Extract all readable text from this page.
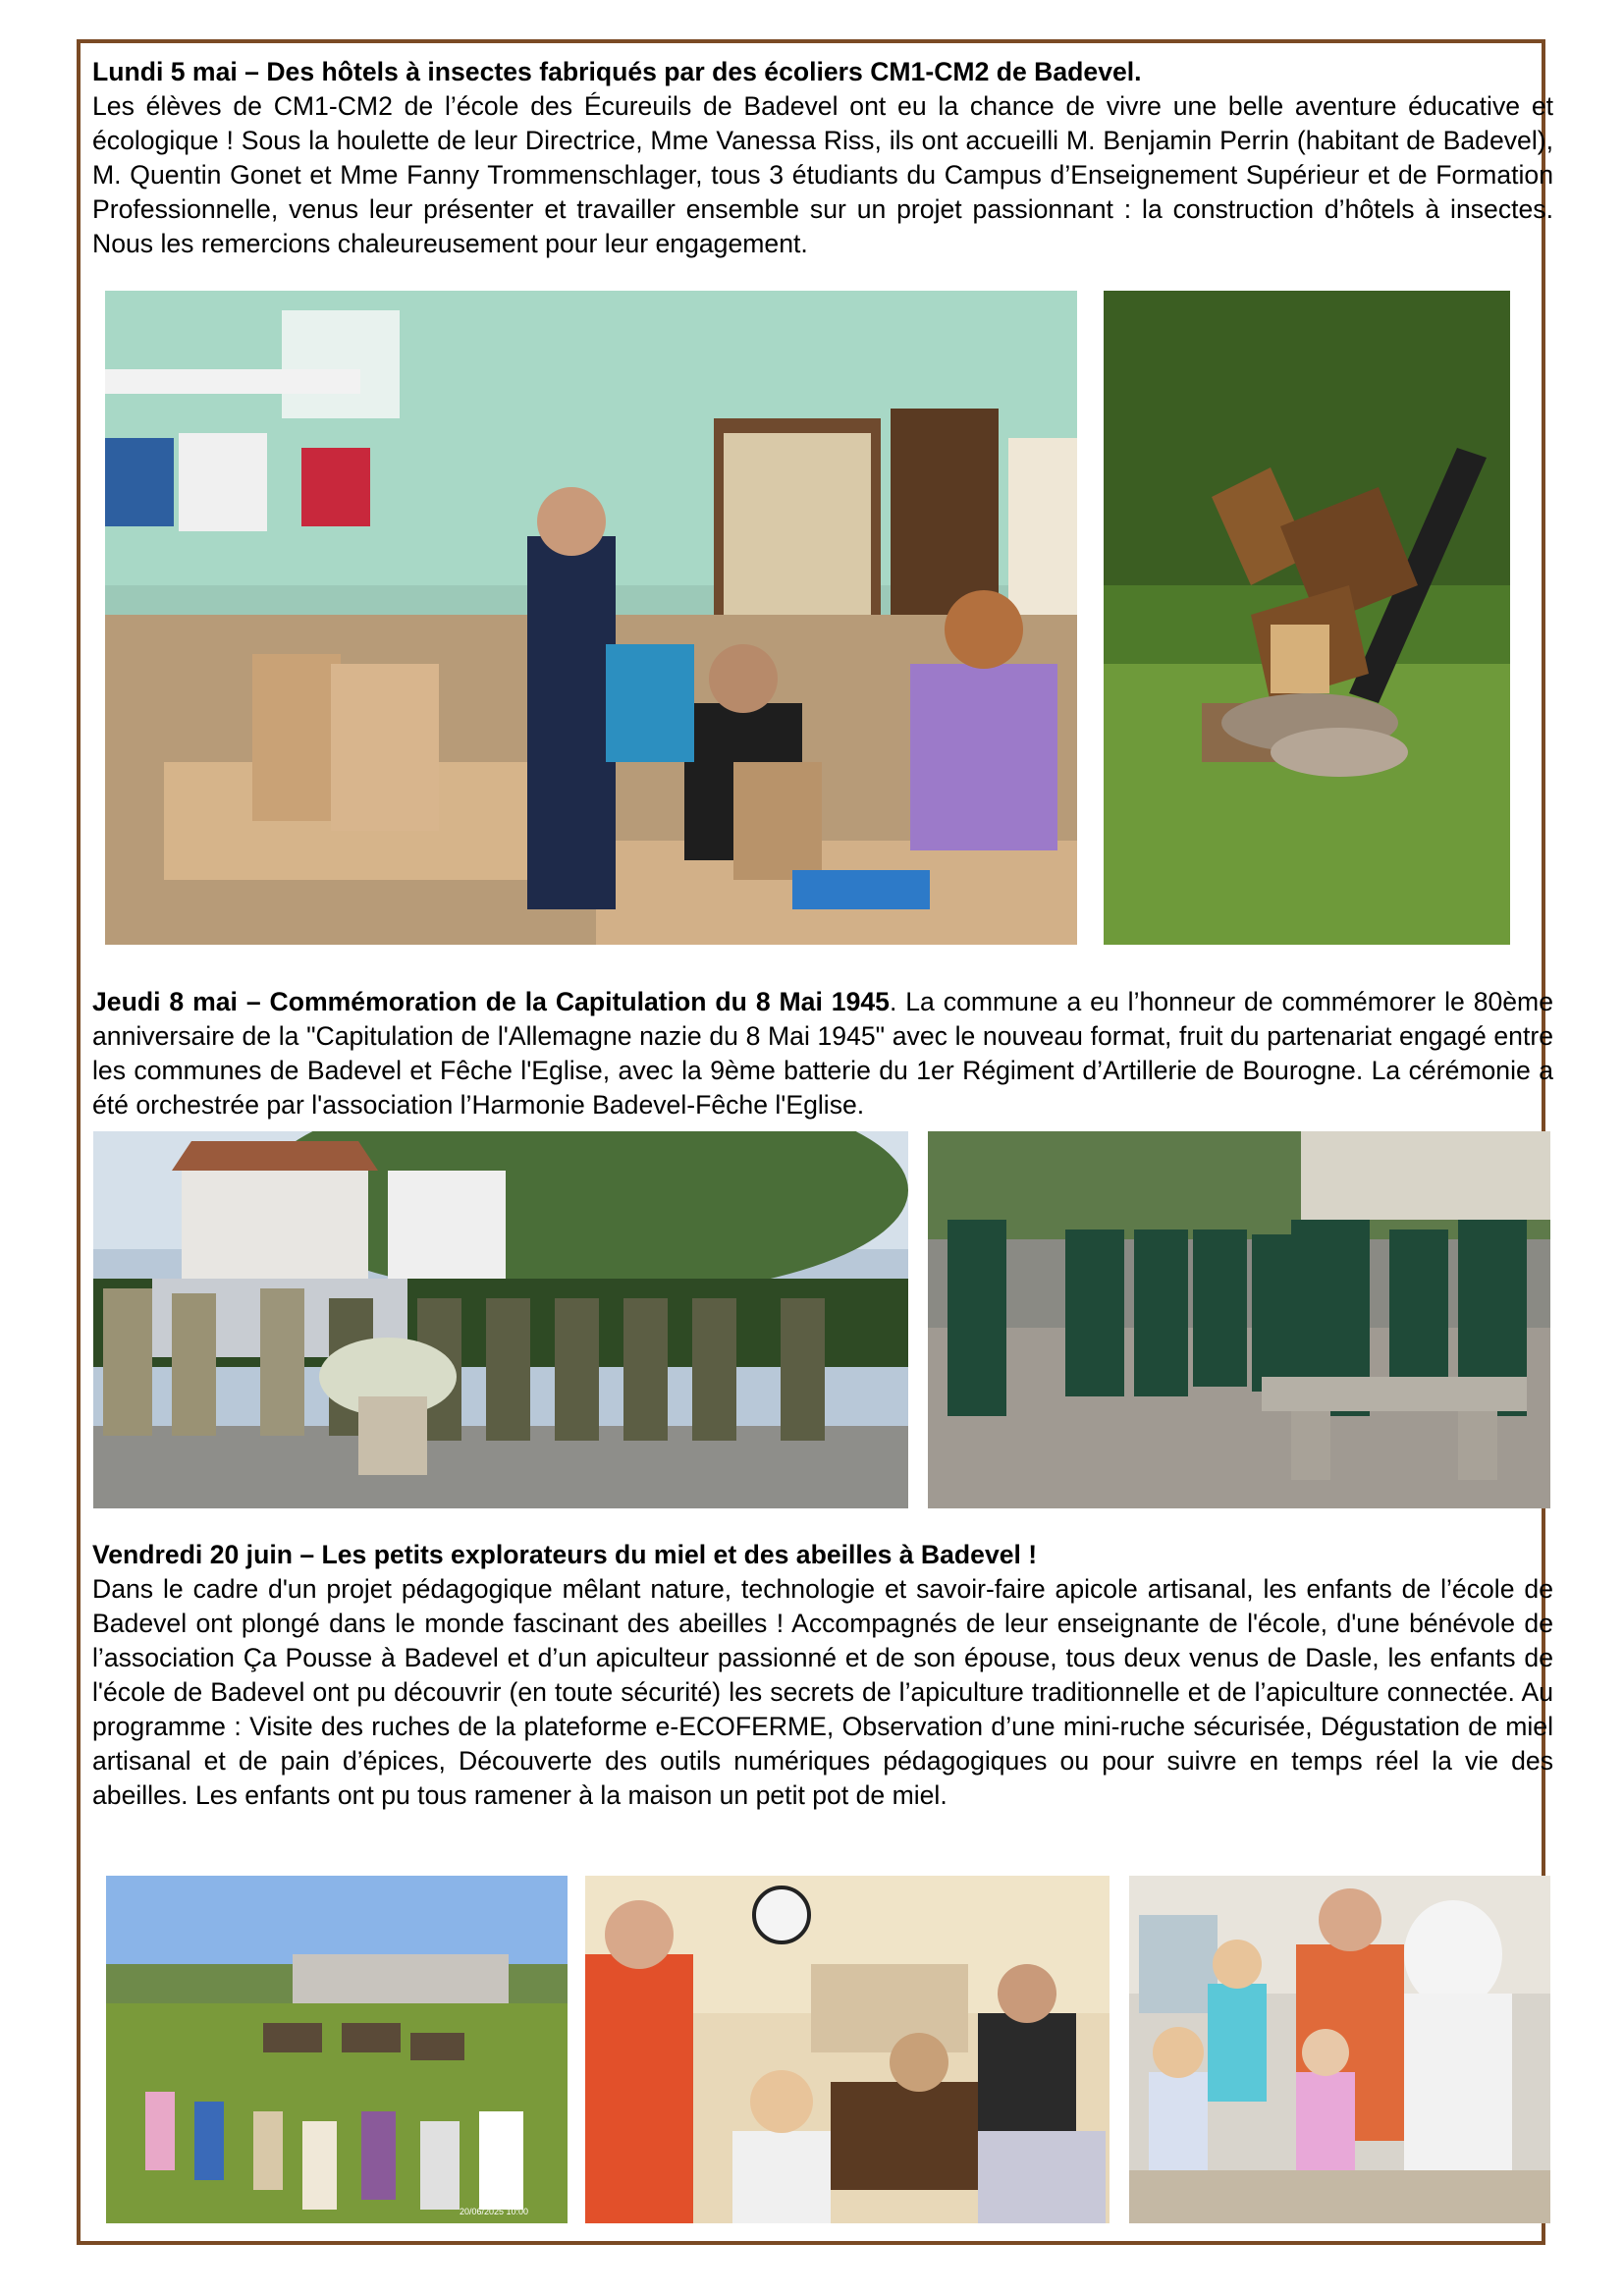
Lundi 5 mai – Des hôtels à insectes fabriqués par des écoliers CM1-CM2 de Badevel.
Les élèves de CM1-CM2 de l’école des Écureuils de Badevel ont eu la chance de vivre une belle aventure éducative et écologique ! Sous la houlette de leur Directrice, Mme Vanessa Riss, ils ont accueilli M. Benjamin Perrin (habitant de Badevel), M. Quentin Gonet et Mme Fanny Trommenschlager, tous 3 étudiants du Campus d’Enseignement Supérieur et de Formation Professionnelle, venus leur présenter et travailler ensemble sur un projet passionnant : la construction d’hôtels à insectes. Nous les remercions chaleureusement pour leur engagement.
Jeudi 8 mai – Commémoration de la Capitulation du 8 Mai 1945. La commune a eu l’honneur de commémorer le 80ème anniversaire de la "Capitulation de l'Allemagne nazie du 8 Mai 1945" avec le nouveau format, fruit du partenariat engagé entre les communes de Badevel et Fêche l'Eglise, avec la 9ème batterie du 1er Régiment d’Artillerie de Bourogne. La cérémonie a été orchestrée par l'association l’Harmonie Badevel-Fêche l'Eglise.
Vendredi 20 juin – Les petits explorateurs du miel et des abeilles à Badevel !
Dans le cadre d'un projet pédagogique mêlant nature, technologie et savoir-faire apicole artisanal, les enfants de l’école de Badevel ont plongé dans le monde fascinant des abeilles ! Accompagnés de leur enseignante de l'école, d'une bénévole de l’association Ça Pousse à Badevel et d’un apiculteur passionné et de son épouse, tous deux venus de Dasle, les enfants de l'école de Badevel ont pu découvrir (en toute sécurité) les secrets de l’apiculture traditionnelle et de l’apiculture connectée. Au programme : Visite des ruches de la plateforme e-ECOFERME, Observation d’une mini-ruche sécurisée, Dégustation de miel artisanal et de pain d’épices, Découverte des outils numériques pédagogiques ou pour suivre en temps réel la vie des abeilles. Les enfants ont pu tous ramener à la maison un petit pot de miel.
20/06/2025 10:00
